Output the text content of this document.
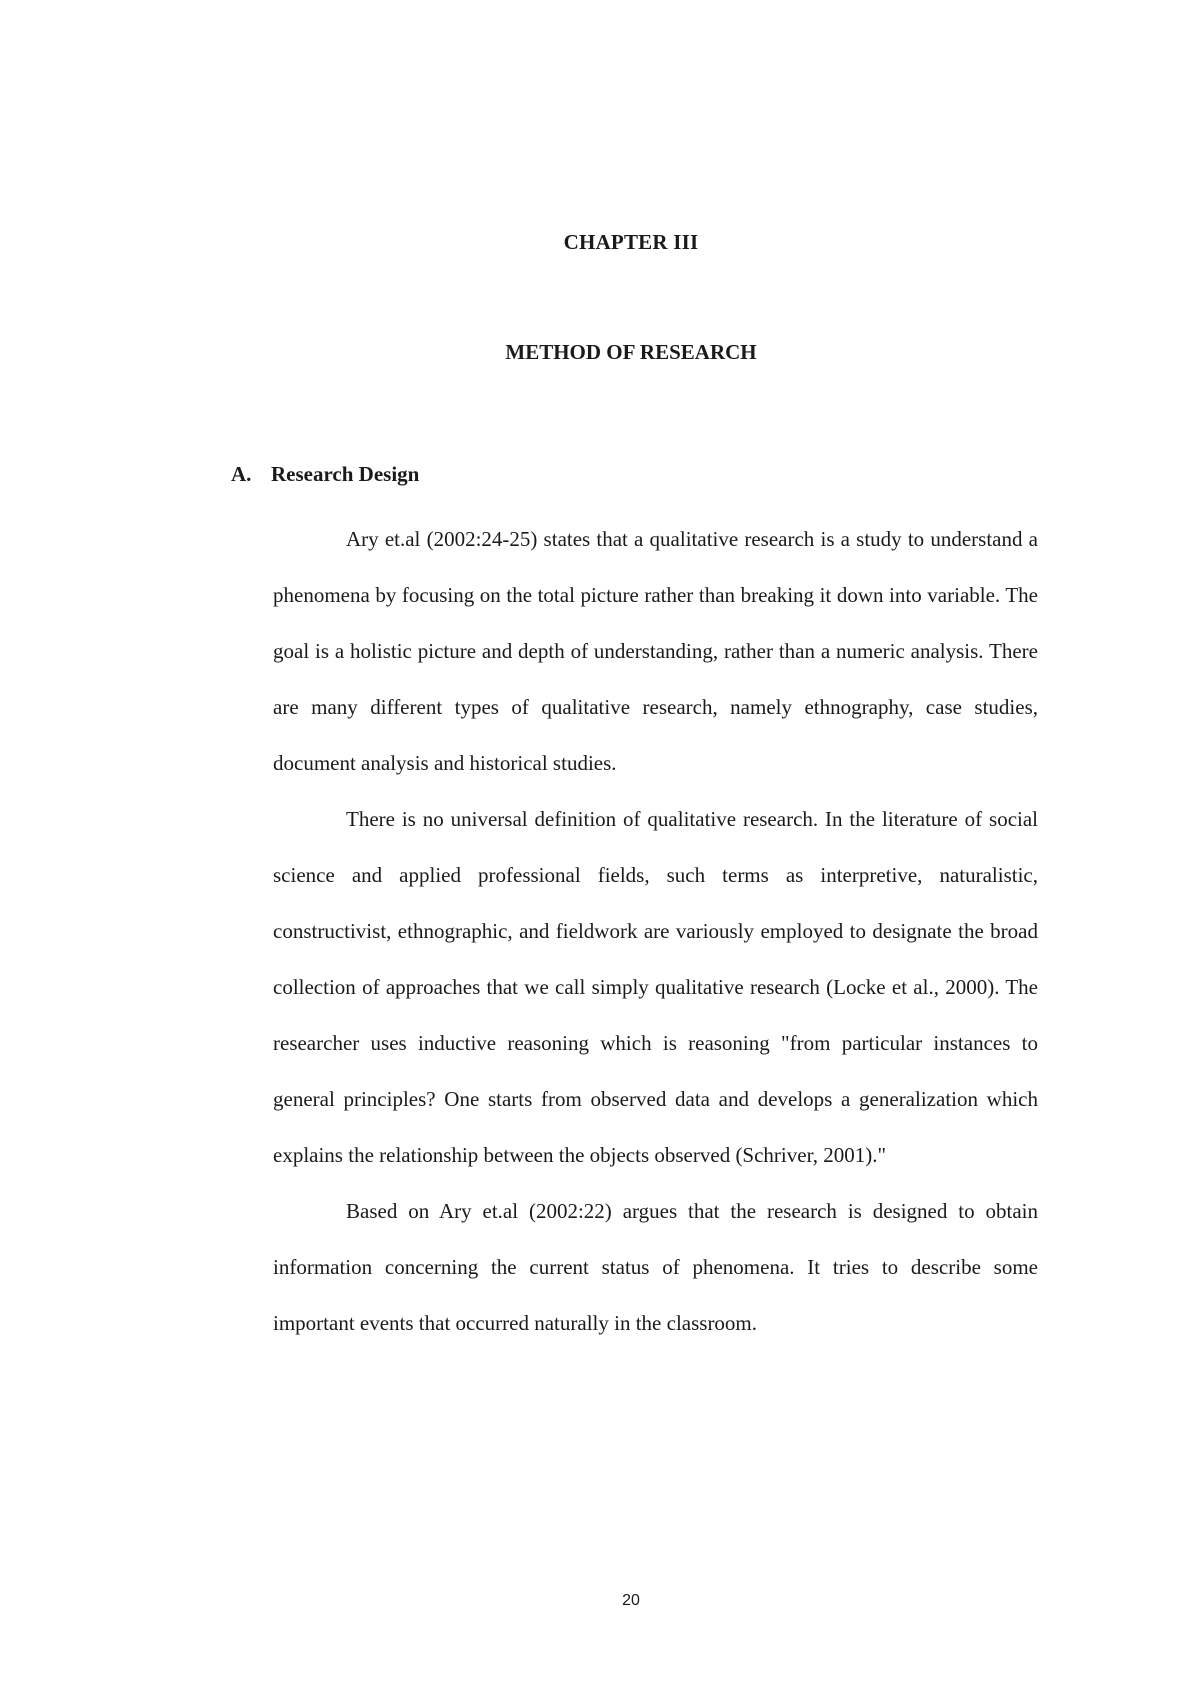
CHAPTER III
METHOD OF RESEARCH
A. Research Design

Ary et.al (2002:24-25) states that a qualitative research is a study to understand a phenomena by focusing on the total picture rather than breaking it down into variable. The goal is a holistic picture and depth of understanding, rather than a numeric analysis. There are many different types of qualitative research, namely ethnography, case studies, document analysis and historical studies.

There is no universal definition of qualitative research. In the literature of social science and applied professional fields, such terms as interpretive, naturalistic, constructivist, ethnographic, and fieldwork are variously employed to designate the broad collection of approaches that we call simply qualitative research (Locke et al., 2000). The researcher uses inductive reasoning which is reasoning "from particular instances to general principles? One starts from observed data and develops a generalization which explains the relationship between the objects observed (Schriver, 2001)."

Based on Ary et.al (2002:22) argues that the research is designed to obtain information concerning the current status of phenomena. It tries to describe some important events that occurred naturally in the classroom.

20
